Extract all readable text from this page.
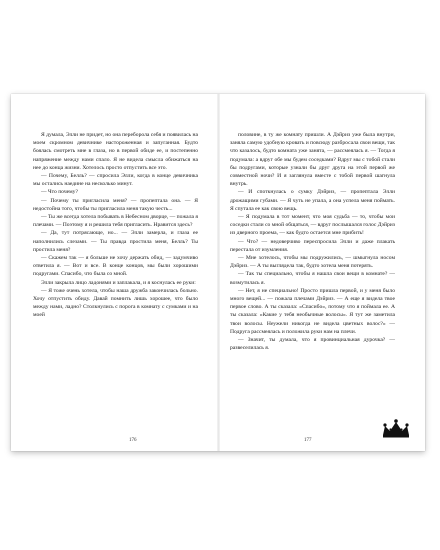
Я думала, Элли не придет, но она переборола себя и появилась на моем скромном девичнике настороженная и запуганная. Будто боялась смотреть мне в глаза, но в первой обиде ее, и постепенно напряжение между нами спало. Я не видела смысла обижаться на нее до конца жизни. Хотелось просто отпустить все это.

— Почему, Белль? — спросила Элли, когда в конце девичника мы остались наедине на несколько минут.

— Что почему?

— Почему ты пригласила меня? — пропептала она. — Я недостойна того, чтобы ты пригласила меня такую честь...

— Ты же всегда хотела побывать в Небесном дворце, — пожала я плечами. — Поэтому я и решила тебя пригласить. Нравится здесь?

— Да, тут потрясающе, но... — Элли замерла, и глаза ее наполнились слезами. — Ты правда простила меня, Белль? Ты простила меня?

— Скажем так — я больше не хочу держать обид, — задумчиво ответила я. — Вот и все. В конце концов, мы были хорошими подругами. Спасибо, что была со мной.

Элли закрыла лицо ладонями и заплакала, и я коснулась ее руки:

— Я тоже очень хотела, чтобы наша дружба закончилась больно. Хочу отпустить обиду. Давай помнить лишь хорошее, что было между нами, ладно? Столкнулись с порога в комнату с сумками и на моей

половине, в ту же комнату пришли. А Дэйриз уже была внутри, заняла самую удобную кровать и повсюду разбросала свои вещи, так что казалось, будто комната уже занята, — рассмеялась я. — Тогда я подумала: а вдруг обе мы будем соседками? Вдруг мы с тобой стали бы подругами, которые узнали бы друг друга на этой первой же совместной ночи? И я заглянула вместе с тобой первой шагнула внутрь.

— И споткнулась о сумку Дэйриз, — пропептала Элли дрожащими губами. — Я чуть не упала, а она успела меня поймать. Я спутала ее как свою вещь.

— Я подумала в тот момент, что моя судьба — то, чтобы мои соседки стали со мной общаться, — вдруг послышался голос Дэйриз из дверного проема, — как будто остается мне прибить!

— Что? — недоверчиво переспросила Элли и даже плакать перестала от изумления.

— Мне хотелось, чтобы мы подружились, — шмыгнула носом Дэйриз. — А ты выглядела так, будто хотела меня потерять.

— Так ты специально, чтобы я нашла свои вещи в комнате? — возмутилась я.

— Нет, я не специально! Просто пришла первой, и у меня было много вещей... — пожала плечами Дэйриз. — А еще я видела твое первое слово. А ты сказала: «Спасибо», потому что я поймала ее. А ты сказала: «Какие у тебя необычные волосы». Я тут же заметила твои волосы. Неужели никогда не видела цветных волос?» — Подруга рассмеялась и положила руки нам на плечи.

— Значит, ты думала, что я провинциальная дурочка? — развеселилась я.

176	177
